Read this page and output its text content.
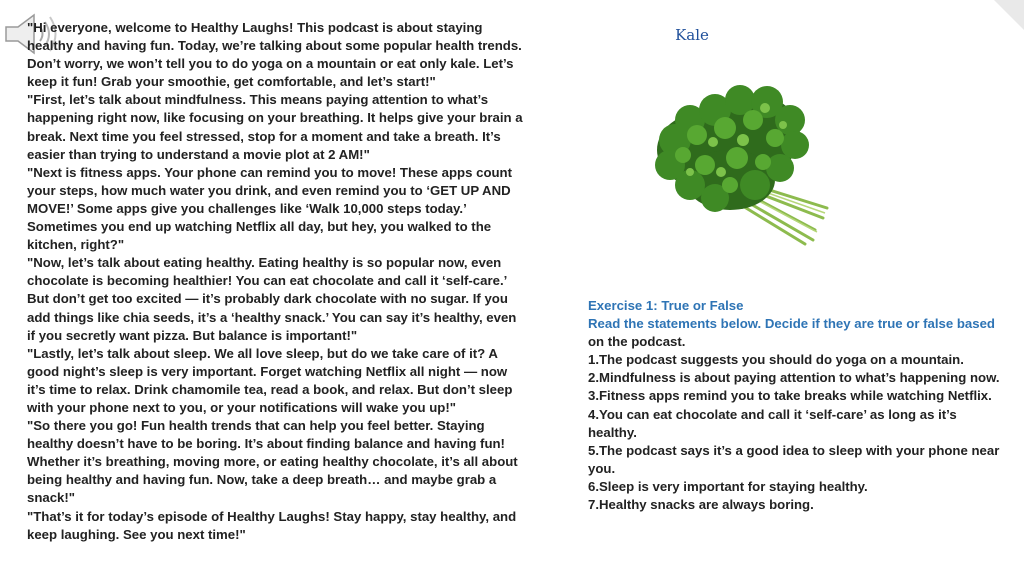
"Hi everyone, welcome to Healthy Laughs! This podcast is about staying healthy and having fun. Today, we’re talking about some popular health trends. Don’t worry, we won’t tell you to do yoga on a mountain or eat only kale. Let’s keep it fun! Grab your smoothie, get comfortable, and let’s start!"

"First, let’s talk about mindfulness. This means paying attention to what’s happening right now, like focusing on your breathing. It helps give your brain a break. Next time you feel stressed, stop for a moment and take a breath. It’s easier than trying to understand a movie plot at 2 AM!"

"Next is fitness apps. Your phone can remind you to move! These apps count your steps, how much water you drink, and even remind you to ‘GET UP AND MOVE!’ Some apps give you challenges like ‘Walk 10,000 steps today.’ Sometimes you end up watching Netflix all day, but hey, you walked to the kitchen, right?"

"Now, let’s talk about eating healthy. Eating healthy is so popular now, even chocolate is becoming healthier! You can eat chocolate and call it ‘self-care.’ But don’t get too excited — it’s probably dark chocolate with no sugar. If you add things like chia seeds, it’s a ‘healthy snack.’ You can say it’s healthy, even if you secretly want pizza. But balance is important!"

"Lastly, let’s talk about sleep. We all love sleep, but do we take care of it? A good night’s sleep is very important. Forget watching Netflix all night — now it’s time to relax. Drink chamomile tea, read a book, and relax. But don’t sleep with your phone next to you, or your notifications will wake you up!"

"So there you go! Fun health trends that can help you feel better. Staying healthy doesn’t have to be boring. It’s about finding balance and having fun! Whether it’s breathing, moving more, or eating healthy chocolate, it’s all about being healthy and having fun. Now, take a deep breath… and maybe grab a snack!"

"That’s it for today’s episode of Healthy Laughs! Stay happy, stay healthy, and keep laughing. See you next time!"

Kale

Exercise 1: True or False

Read the statements below. Decide if they are true or false based

on the podcast.

1.The podcast suggests you should do yoga on a mountain.

2.Mindfulness is about paying attention to what’s happening now.

3.Fitness apps remind you to take breaks while watching Netflix.

4.You can eat chocolate and call it ‘self-care’ as long as it’s healthy.

5.The podcast says it’s a good idea to sleep with your phone near you.

6.Sleep is very important for staying healthy.

7.Healthy snacks are always boring.
